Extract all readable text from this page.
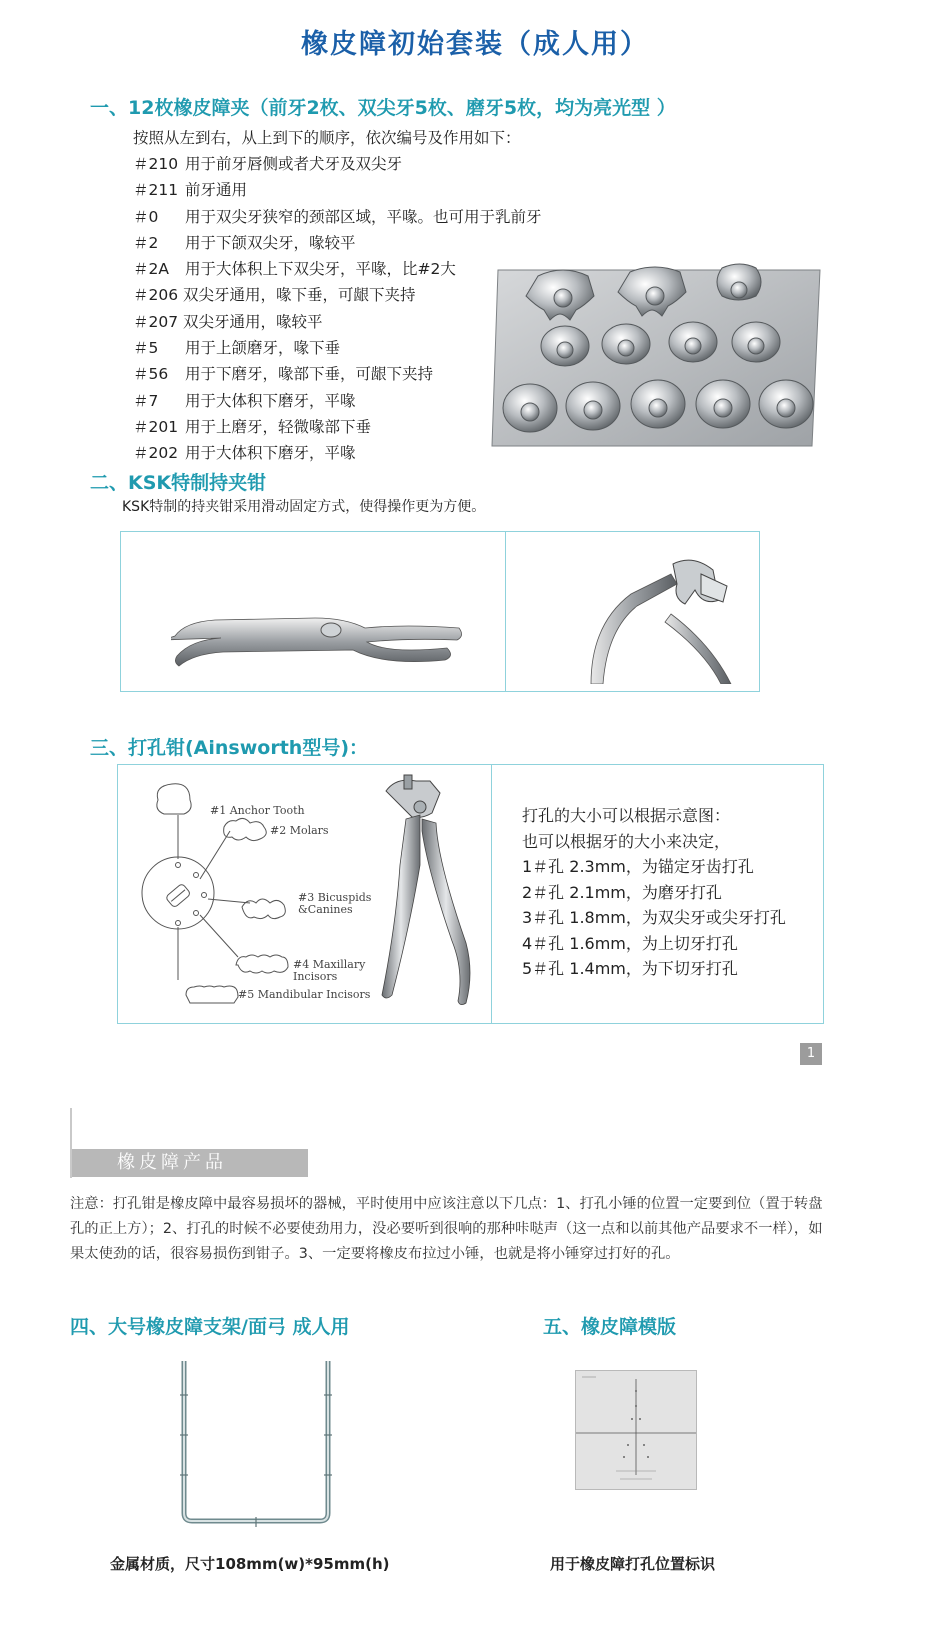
橡皮障初始套装（成人用）
一、12枚橡皮障夹（前牙2枚、双尖牙5枚、磨牙5枚，均为亮光型 ）
按照从左到右，从上到下的顺序，依次编号及作用如下：
＃210 用于前牙唇侧或者犬牙及双尖牙
＃211 前牙通用
＃0 用于双尖牙狭窄的颈部区域，平喙。也可用于乳前牙
＃2 用于下颌双尖牙，喙较平
＃2A 用于大体积上下双尖牙，平喙，比#2大
＃206 双尖牙通用，喙下垂，可龈下夹持
＃207 双尖牙通用，喙较平
＃5 用于上颌磨牙，喙下垂
＃56 用于下磨牙，喙部下垂，可龈下夹持
＃7 用于大体积下磨牙，平喙
＃201 用于上磨牙，轻微喙部下垂
＃202 用于大体积下磨牙，平喙
二、KSK特制持夹钳
KSK特制的持夹钳采用滑动固定方式，使得操作更为方便。
三、打孔钳(Ainsworth型号)：
#1 Anchor Tooth
#2 Molars
#3 Bicuspids
&Canines
#4 Maxillary
Incisors
#5 Mandibular Incisors
打孔的大小可以根据示意图：
也可以根据牙的大小来决定，
1＃孔 2.3mm，为锚定牙齿打孔
2＃孔 2.1mm，为磨牙打孔
3＃孔 1.8mm，为双尖牙或尖牙打孔
4＃孔 1.6mm，为上切牙打孔
5＃孔 1.4mm，为下切牙打孔
1
橡皮障产品
注意：打孔钳是橡皮障中最容易损坏的器械，平时使用中应该注意以下几点：1、打孔小锤的位置一定要到位（置于转盘孔的正上方）；2、打孔的时候不必要使劲用力，没必要听到很响的那种咔哒声（这一点和以前其他产品要求不一样），如果太使劲的话，很容易损伤到钳子。3、一定要将橡皮布拉过小锤，也就是将小锤穿过打好的孔。
四、大号橡皮障支架/面弓 成人用
金属材质，尺寸108mm(w)*95mm(h)
五、橡皮障模版
用于橡皮障打孔位置标识
